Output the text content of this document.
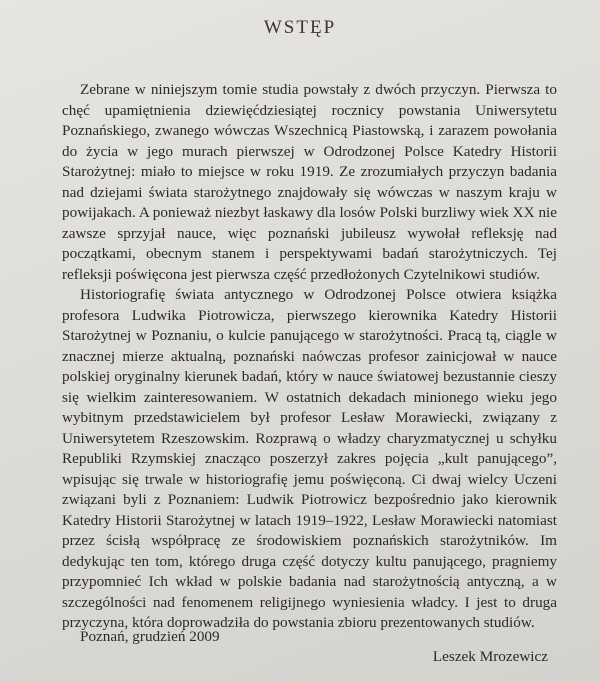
WSTĘP

Zebrane w niniejszym tomie studia powstały z dwóch przyczyn. Pierwsza to chęć upamiętnienia dziewięćdziesiątej rocznicy powstania Uniwersytetu Poznańskiego, zwanego wówczas Wszechnicą Piastowską, i zarazem powołania do życia w jego murach pierwszej w Odrodzonej Polsce Katedry Historii Starożytnej: miało to miejsce w roku 1919. Ze zrozumiałych przyczyn badania nad dziejami świata starożytnego znajdowały się wówczas w naszym kraju w powijakach. A ponieważ niezbyt łaskawy dla losów Polski burzliwy wiek XX nie zawsze sprzyjał nauce, więc poznański jubileusz wywołał refleksję nad początkami, obecnym stanem i perspektywami badań starożytniczych. Tej refleksji poświęcona jest pierwsza część przedłożonych Czytelnikowi studiów.

Historiografię świata antycznego w Odrodzonej Polsce otwiera książka profesora Ludwika Piotrowicza, pierwszego kierownika Katedry Historii Starożytnej w Poznaniu, o kulcie panującego w starożytności. Pracą tą, ciągle w znacznej mierze aktualną, poznański naówczas profesor zainicjował w nauce polskiej oryginalny kierunek badań, który w nauce światowej bezustannie cieszy się wielkim zainteresowaniem. W ostatnich dekadach minionego wieku jego wybitnym przedstawicielem był profesor Lesław Morawiecki, związany z Uniwersytetem Rzeszowskim. Rozprawą o władzy charyzmatycznej u schyłku Republiki Rzymskiej znacząco poszerzył zakres pojęcia „kult panującego”, wpisując się trwale w historiografię jemu poświęconą. Ci dwaj wielcy Uczeni związani byli z Poznaniem: Ludwik Piotrowicz bezpośrednio jako kierownik Katedry Historii Starożytnej w latach 1919–1922, Lesław Morawiecki natomiast przez ścisłą współpracę ze środowiskiem poznańskich starożytników. Im dedykując ten tom, którego druga część dotyczy kultu panującego, pragniemy przypomnieć Ich wkład w polskie badania nad starożytnością antyczną, a w szczególności nad fenomenem religijnego wyniesienia władcy. I jest to druga przyczyna, która doprowadziła do powstania zbioru prezentowanych studiów.

Poznań, grudzień 2009
Leszek Mrozewicz
